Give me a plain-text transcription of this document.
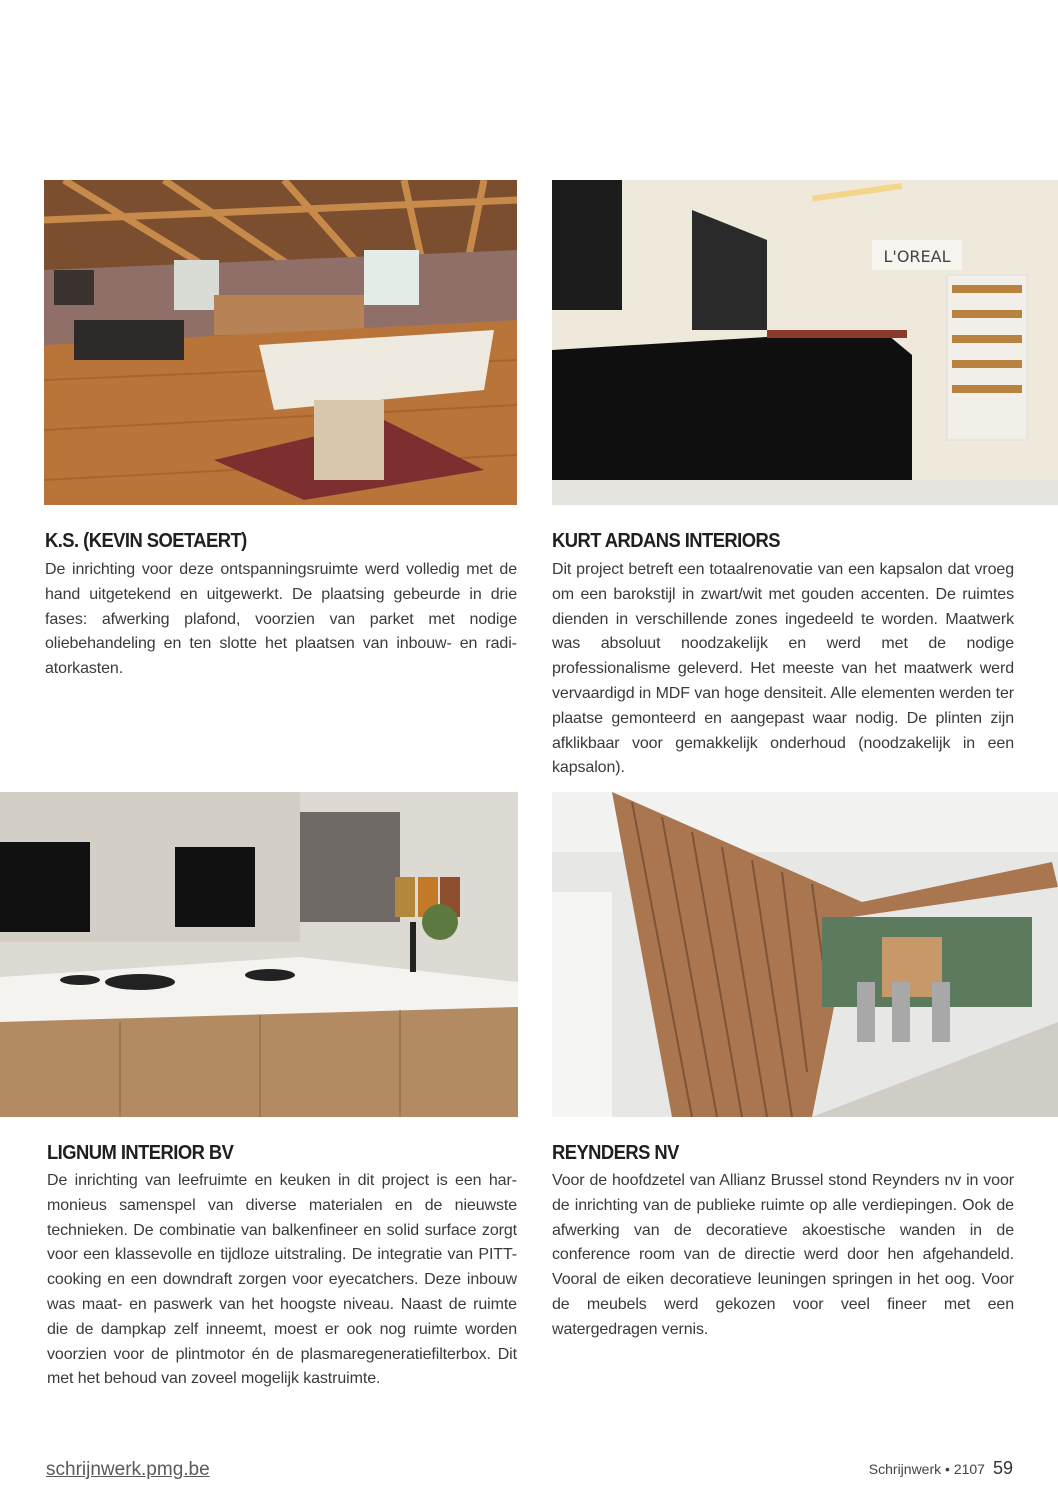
L'OREAL
K.S. (KEVIN SOETAERT)

De inrichting voor deze ontspanningsruimte werd volledig met de hand uitgetekend en uitgewerkt. De plaatsing gebeurde in drie fases: afwerking plafond, voorzien van parket met nodige oliebehandeling en ten slotte het plaatsen van inbouw- en radiatorkasten.

KURT ARDANS INTERIORS

Dit project betreft een totaalrenovatie van een kapsalon dat vroeg om een barokstijl in zwart/wit met gouden accenten. De ruimtes dienden in verschillende zones ingedeeld te worden. Maatwerk was absoluut noodzakelijk en werd met de nodige professionalisme geleverd. Het meeste van het maatwerk werd vervaardigd in MDF van hoge densiteit. Alle elementen werden ter plaatse gemonteerd en aangepast waar nodig. De plinten zijn afklikbaar voor gemakkelijk onderhoud (noodzakelijk in een kapsalon).

LIGNUM INTERIOR BV

De inrichting van leefruimte en keuken in dit project is een harmonieus samenspel van diverse materialen en de nieuwste technieken. De combinatie van balkenfineer en solid surface zorgt voor een klassevolle en tijdloze uitstraling. De integratie van PITT-cooking en een downdraft zorgen voor eyecatchers. Deze inbouw was maat- en paswerk van het hoogste niveau. Naast de ruimte die de dampkap zelf inneemt, moest er ook nog ruimte worden voorzien voor de plintmotor én de plasmaregeneratiefilterbox. Dit met het behoud van zoveel mogelijk kastruimte.

REYNDERS NV

Voor de hoofdzetel van Allianz Brussel stond Reynders nv in voor de inrichting van de publieke ruimte op alle verdiepingen. Ook de afwerking van de decoratieve akoestische wanden in de conference room van de directie werd door hen afgehandeld. Vooral de eiken decoratieve leuningen springen in het oog. Voor de meubels werd gekozen voor veel fineer met een watergedragen vernis.

schrijnwerk.pmg.be	Schrijnwerk • 2107 59
